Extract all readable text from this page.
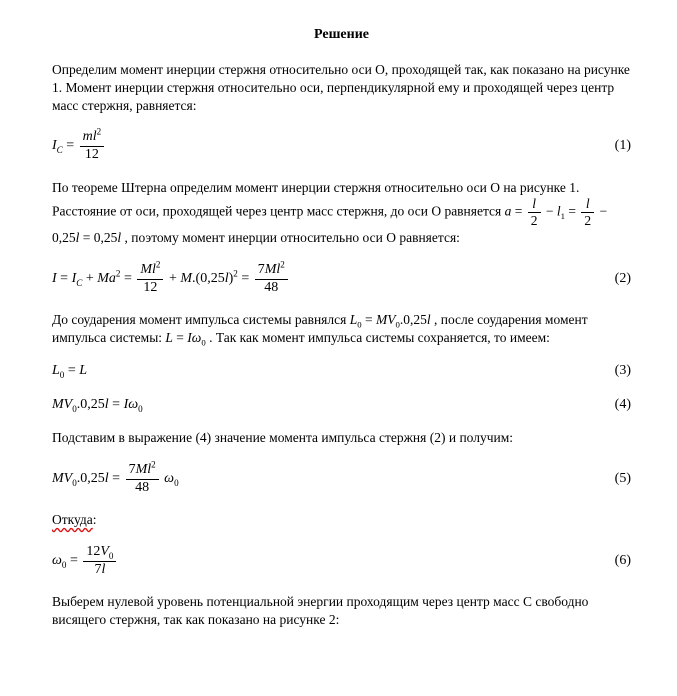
Решение

Определим момент инерции стержня относительно оси О, проходящей так, как показано на рисунке 1. Момент инерции стержня относительно оси, перпендикулярной ему и проходящей через центр масс стержня, равняется:

$I_C = \frac{ml^2}{12}$	(1)

По теореме Штерна определим момент инерции стержня относительно оси О на рисунке 1. Расстояние от оси, проходящей через центр масс стержня, до оси О равняется $a = \frac{l}{2} - l_1 = \frac{l}{2} - 0,25l = 0,25l$ , поэтому момент инерции относительно оси О равняется:

$I = I_C + Ma^2 = \frac{Ml^2}{12} + M.(0,25l)^2 = \frac{7Ml^2}{48}$	(2)

До соударения момент импульса системы равнялся $L_0 = MV_0.0,25l$ , после соударения момент импульса системы: $L = I\omega_0$ . Так как момент импульса системы сохраняется, то имеем:

$L_0 = L$	(3)
$MV_0.0,25l = I\omega_0$	(4)

Подставим в выражение (4) значение момента импульса стержня (2) и получим:

$MV_0.0,25l = \frac{7Ml^2}{48} \omega_0$	(5)

Откуда:

$\omega_0 = \frac{12V_0}{7l}$	(6)

Выберем нулевой уровень потенциальной энергии проходящим через центр масс С свободно висящего стержня, так как показано на рисунке 2:
